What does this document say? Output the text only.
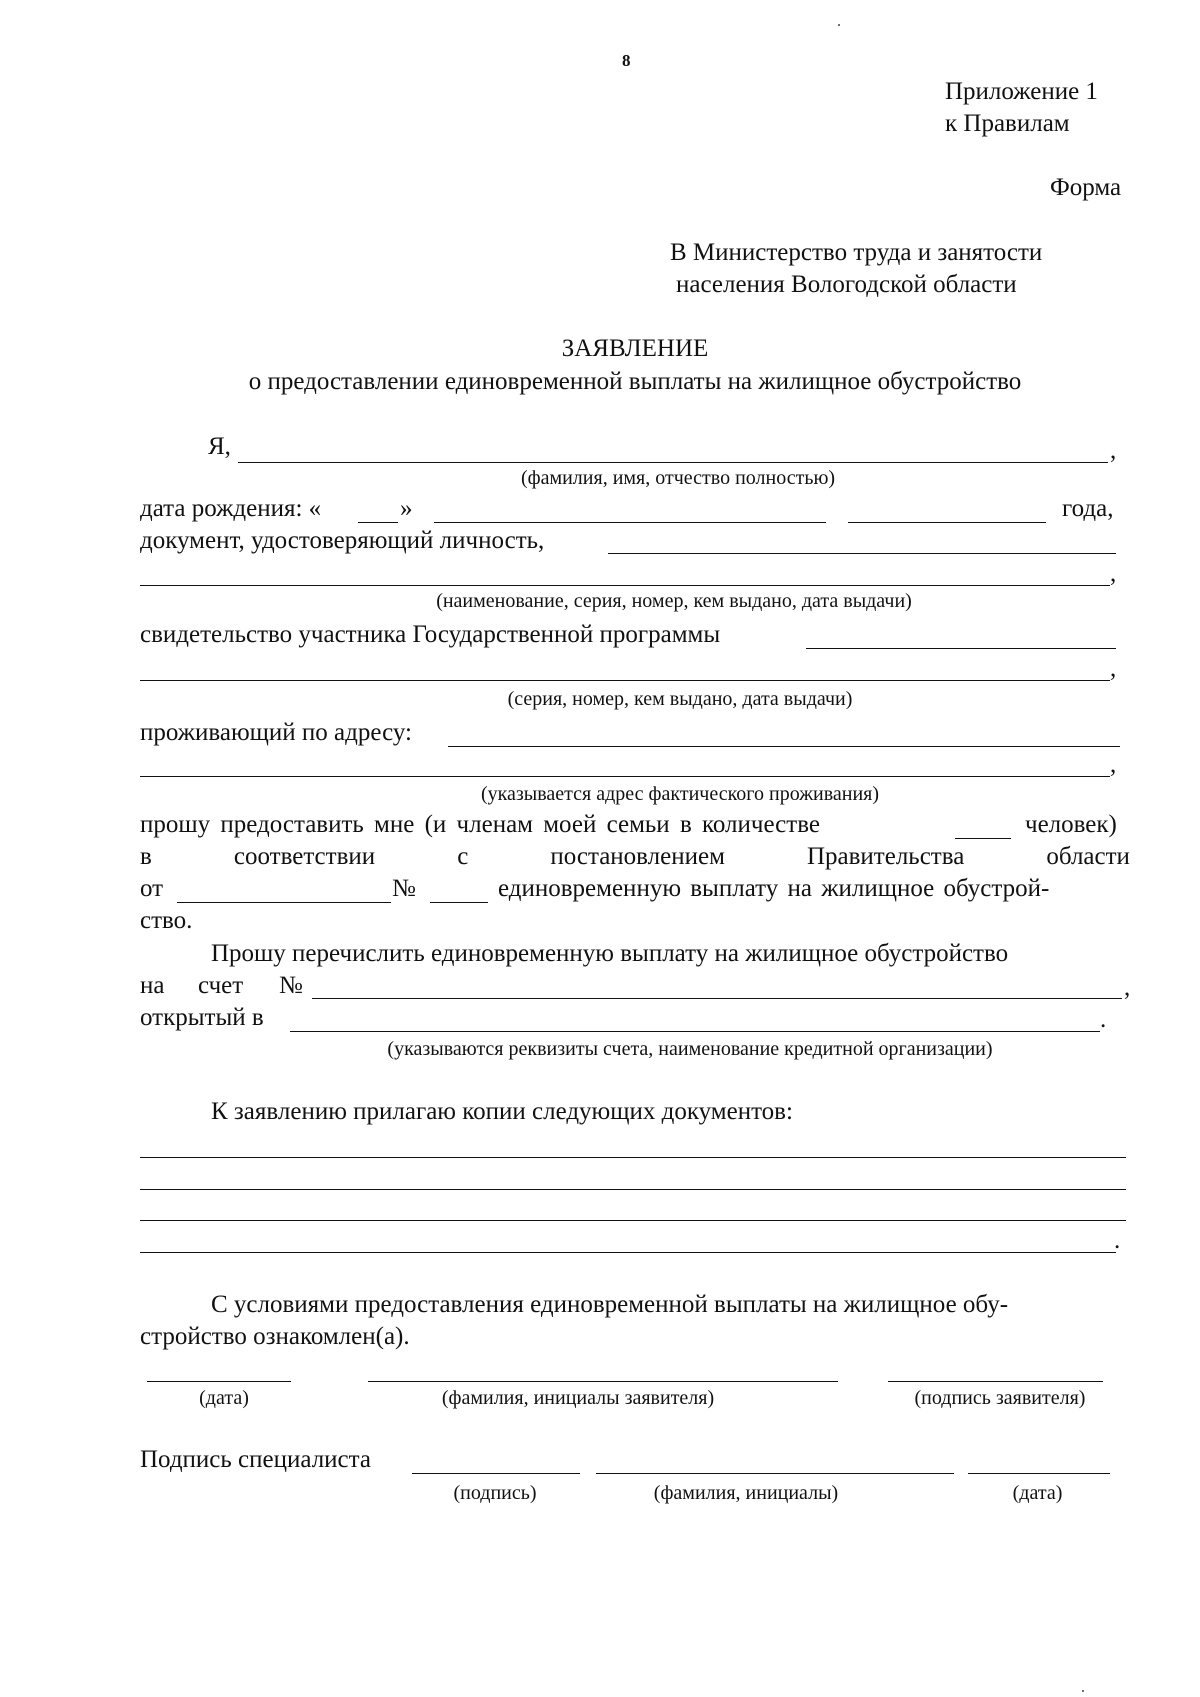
8
Приложение 1
к Правилам
Форма
В Министерство труда и занятости
населения Вологодской области
ЗАЯВЛЕНИЕ
о предоставлении единовременной выплаты на жилищное обустройство
Я,	,
(фамилия, имя, отчество полностью)
дата рождения: «	»	года,
документ, удостоверяющий личность,
,
(наименование, серия, номер, кем выдано, дата выдачи)
свидетельство участника Государственной программы
,
(серия, номер, кем выдано, дата выдачи)
проживающий по адресу:
,
(указывается адрес фактического проживания)
прошу предоставить мне (и членам моей семьи в количестве	человек)
в	соответствии	с	постановлением	Правительства	области
от	№	единовременную выплату на жилищное обустрой-
ство.
Прошу перечислить единовременную выплату на жилищное обустройство
на счет №	,
открытый в	.
(указываются реквизиты счета, наименование кредитной организации)
К заявлению прилагаю копии следующих документов:
.
С условиями предоставления единовременной выплаты на жилищное обу-
стройство ознакомлен(а).
(дата)	(фамилия, инициалы заявителя)	(подпись заявителя)
Подпись специалиста
(подпись)	(фамилия, инициалы)	(дата)
